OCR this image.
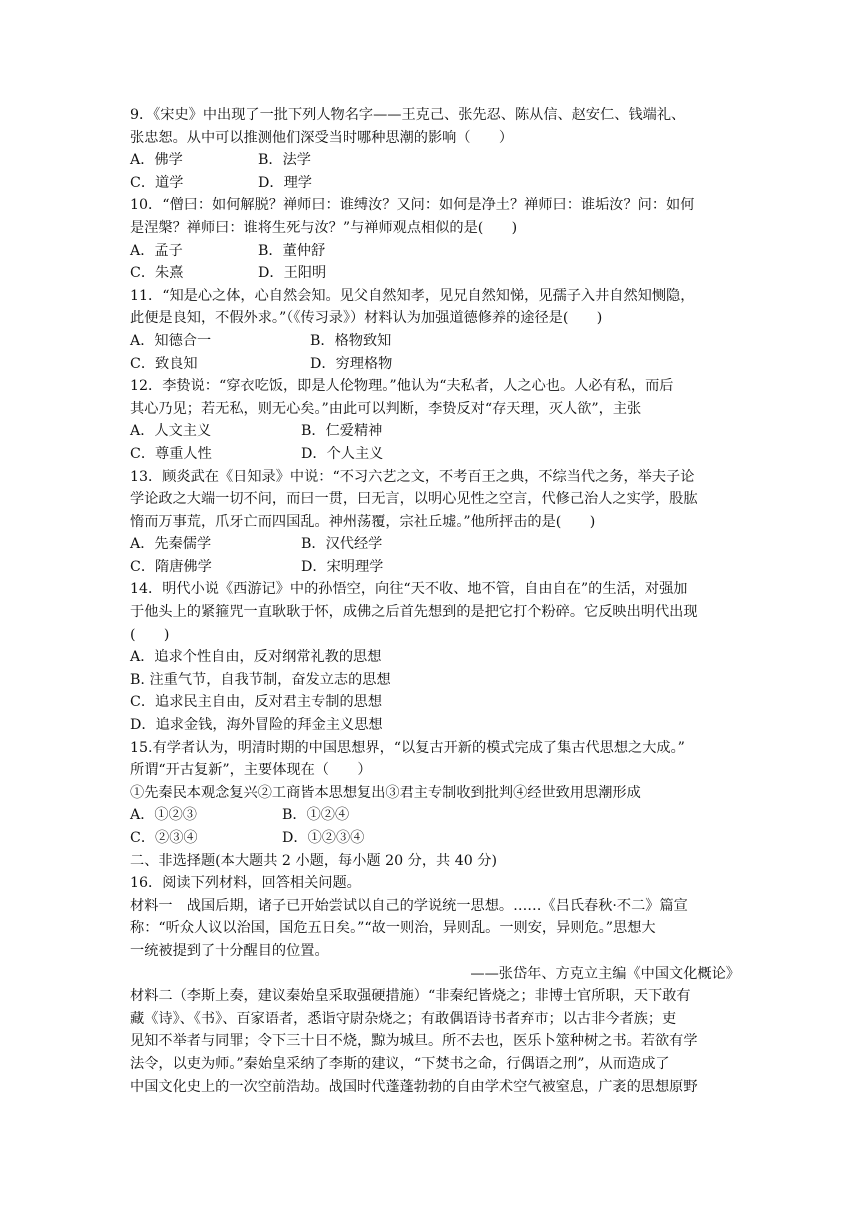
9．《宋史》中出现了一批下列人物名字——王克己、张先忍、陈从信、赵安仁、钱端礼、
张忠恕。从中可以推测他们深受当时哪种思潮的影响（　　）
A．佛学	B．法学
C．道学	D．理学
10．“僧曰：如何解脱？禅师曰：谁缚汝？又问：如何是净土？禅师曰：谁垢汝？问：如何
是涅槃？禅师曰：谁将生死与汝？”与禅师观点相似的是(　　)
A．孟子	B．董仲舒
C．朱熹	D．王阳明
11．“知是心之体，心自然会知。见父自然知孝，见兄自然知悌，见孺子入井自然知恻隐，
此便是良知，不假外求。”（《传习录》）材料认为加强道德修养的途径是(　　)
A．知德合一	B．格物致知
C．致良知	D．穷理格物
12．李贽说：“穿衣吃饭，即是人伦物理。”他认为“夫私者，人之心也。人必有私，而后
其心乃见；若无私，则无心矣。”由此可以判断，李贽反对“存天理，灭人欲”，主张
A．人文主义	B．仁爱精神
C．尊重人性	D．个人主义
13．顾炎武在《日知录》中说：“不习六艺之文，不考百王之典，不综当代之务，举夫子论
学论政之大端一切不问，而曰一贯，曰无言，以明心见性之空言，代修己治人之实学，股肱
惰而万事荒，爪牙亡而四国乱。神州荡覆，宗社丘墟。”他所抨击的是(　　)
A．先秦儒学	B．汉代经学
C．隋唐佛学	D．宋明理学
14．明代小说《西游记》中的孙悟空，向往“天不收、地不管，自由自在”的生活，对强加
于他头上的紧箍咒一直耿耿于怀，成佛之后首先想到的是把它打个粉碎。它反映出明代出现
(　　)
A．追求个性自由，反对纲常礼教的思想
B. 注重气节，自我节制，奋发立志的思想
C．追求民主自由，反对君主专制的思想
D．追求金钱，海外冒险的拜金主义思想
15.有学者认为，明清时期的中国思想界，“以复古开新的模式完成了集古代思想之大成。”
所谓“开古复新”，主要体现在（　　）
①先秦民本观念复兴②工商皆本思想复出③君主专制收到批判④经世致用思潮形成
A．①②③	B．①②④
C．②③④	D．①②③④
二、非选择题(本大题共 2 小题，每小题 20 分，共 40 分)
16．阅读下列材料，回答相关问题。
材料一　战国后期，诸子已开始尝试以自己的学说统一思想。……《吕氏春秋·不二》篇宣
称：“听众人议以治国，国危五日矣。”“故一则治，异则乱。一则安，异则危。”思想大
一统被提到了十分醒目的位置。
——张岱年、方克立主编《中国文化概论》
材料二（李斯上奏，建议秦始皇采取强硬措施）“非秦纪皆烧之；非博士官所职，天下敢有
藏《诗》、《书》、百家语者，悉诣守尉杂烧之；有敢偶语诗书者弃市；以古非今者族；吏
见知不举者与同罪；令下三十日不烧，黥为城旦。所不去也，医乐卜筮种树之书。若欲有学
法令，以吏为师。”秦始皇采纳了李斯的建议，“下焚书之命，行偶语之刑”，从而造成了
中国文化史上的一次空前浩劫。战国时代蓬蓬勃勃的自由学术空气被窒息，广袤的思想原野
